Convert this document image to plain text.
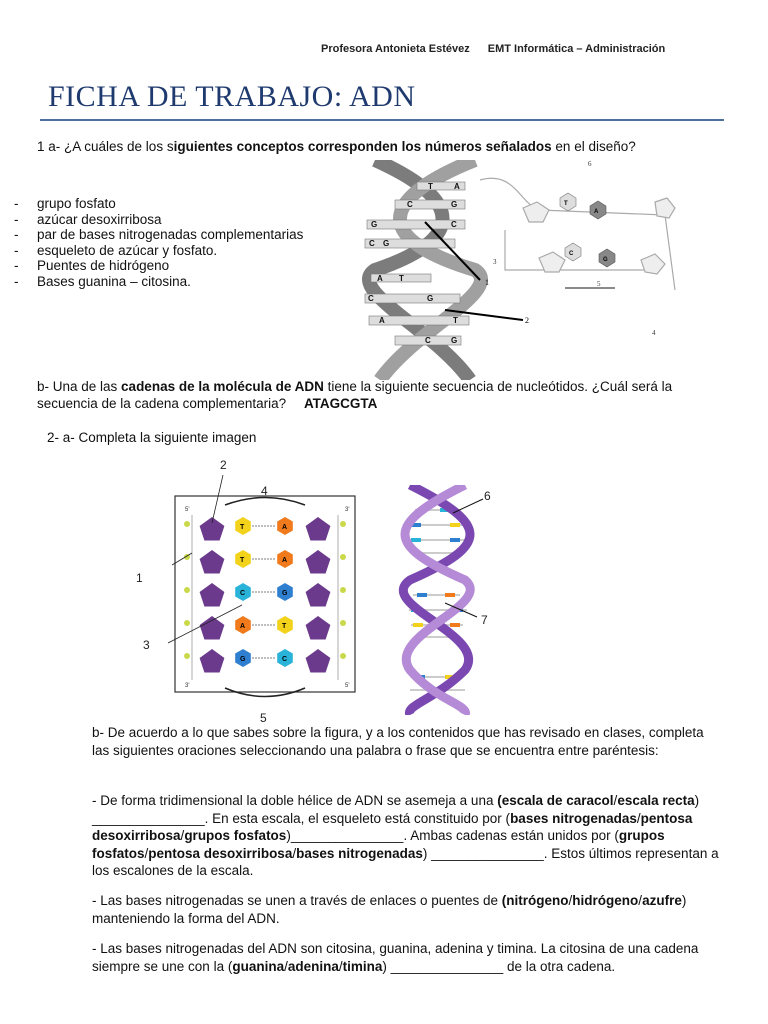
Profesora Antonieta Estévez EMT Informática – Administración
FICHA DE TRABAJO: ADN
1 a- ¿A cuáles de los siguientes conceptos corresponden los números señalados en el diseño?
- grupo fosfato
- azúcar desoxirribosa
- par de bases nitrogenadas complementarias
- esqueleto de azúcar y fosfato.
- Puentes de hidrógeno
- Bases guanina – citosina.
T	A
C	G
G	C
C G
A T
C	G
A	T
C	G
1
2
T
A
C
G
6
3
5
4
b- Una de las cadenas de la molécula de ADN tiene la siguiente secuencia de nucleótidos. ¿Cuál será la secuencia de la cadena complementaria? ATAGCGTA
2- a- Completa la siguiente imagen
2
4
1
3
5
5'	3'
3'	5'
T	A
T	A
C	G
A	T
G	C
6
7
b- De acuerdo a lo que sabes sobre la figura, y a los contenidos que has revisado en clases, completa las siguientes oraciones seleccionando una palabra o frase que se encuentra entre paréntesis:
- De forma tridimensional la doble hélice de ADN se asemeja a una (escala de caracol/escala recta) _______________. En esta escala, el esqueleto está constituido por (bases nitrogenadas/pentosa desoxirribosa/grupos fosfatos)_______________. Ambas cadenas están unidos por (grupos fosfatos/pentosa desoxirribosa/bases nitrogenadas) _______________. Estos últimos representan a los escalones de la escala.
- Las bases nitrogenadas se unen a través de enlaces o puentes de (nitrógeno/hidrógeno/azufre) manteniendo la forma del ADN.
- Las bases nitrogenadas del ADN son citosina, guanina, adenina y timina. La citosina de una cadena siempre se une con la (guanina/adenina/timina) _______________ de la otra cadena.
